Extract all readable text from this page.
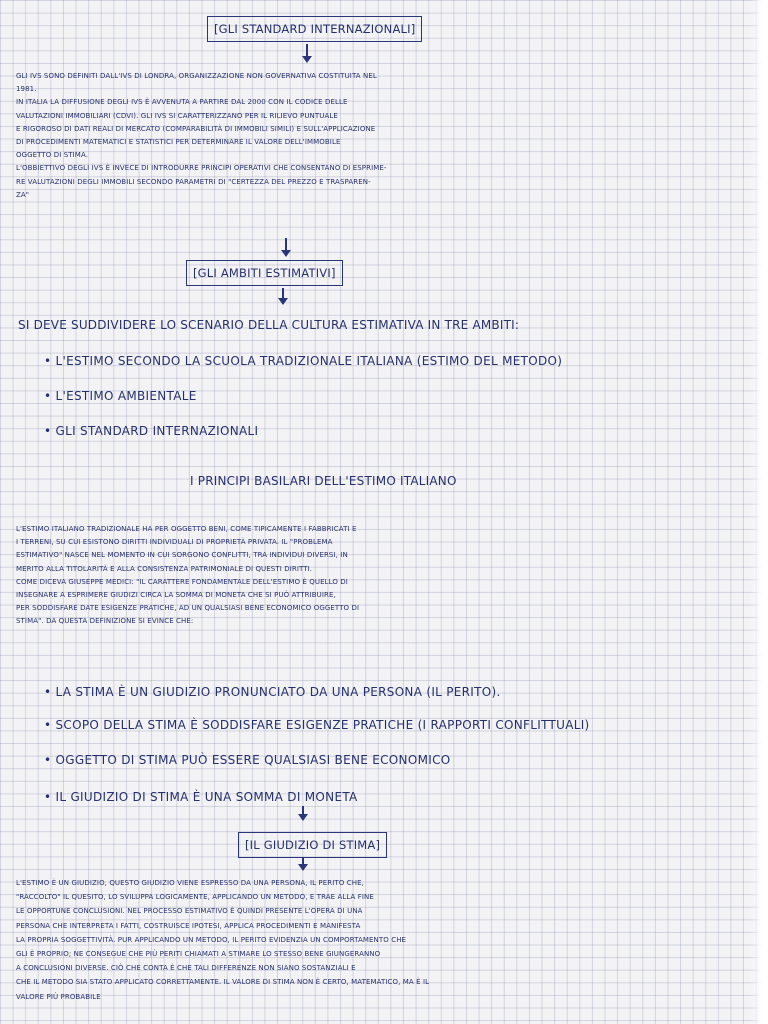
[GLI STANDARD INTERNAZIONALI]
GLI IVS SONO DEFINITI DALL'IVS DI LONDRA, ORGANIZZAZIONE NON GOVERNATIVA COSTITUITA NEL
1981.
IN ITALIA LA DIFFUSIONE DEGLI IVS È AVVENUTA A PARTIRE DAL 2000 CON IL CODICE DELLE
VALUTAZIONI IMMOBILIARI (CDVI). GLI IVS SI CARATTERIZZANO PER IL RILIEVO PUNTUALE
E RIGOROSO DI DATI REALI DI MERCATO (COMPARABILITÀ DI IMMOBILI SIMILI) E SULL'APPLICAZIONE
DI PROCEDIMENTI MATEMATICI E STATISTICI PER DETERMINARE IL VALORE DELL'IMMOBILE
OGGETTO DI STIMA.
L'OBBIETTIVO DEGLI IVS È INVECE DI INTRODURRE PRINCIPI OPERATIVI CHE CONSENTANO DI ESPRIME-
RE VALUTAZIONI DEGLI IMMOBILI SECONDO PARAMETRI DI "CERTEZZA DEL PREZZO E TRASPAREN-
ZA"
[GLI AMBITI ESTIMATIVI]
SI DEVE SUDDIVIDERE LO SCENARIO DELLA CULTURA ESTIMATIVA IN TRE AMBITI:
• L'ESTIMO SECONDO LA SCUOLA TRADIZIONALE ITALIANA (ESTIMO DEL METODO)
• L'ESTIMO AMBIENTALE
• GLI STANDARD INTERNAZIONALI
I PRINCIPI BASILARI DELL'ESTIMO ITALIANO
L'ESTIMO ITALIANO TRADIZIONALE HA PER OGGETTO BENI, COME TIPICAMENTE I FABBRICATI E
I TERRENI, SU CUI ESISTONO DIRITTI INDIVIDUALI DI PROPRIETÀ PRIVATA. IL "PROBLEMA
ESTIMATIVO" NASCE NEL MOMENTO IN CUI SORGONO CONFLITTI, TRA INDIVIDUI DIVERSI, IN
MERITO ALLA TITOLARITÀ E ALLA CONSISTENZA PATRIMONIALE DI QUESTI DIRITTI.
COME DICEVA GIUSEPPE MEDICI: "IL CARATTERE FONDAMENTALE DELL'ESTIMO È QUELLO DI
INSEGNARE A ESPRIMERE GIUDIZI CIRCA LA SOMMA DI MONETA CHE SI PUÒ ATTRIBUIRE,
PER SODDISFARE DATE ESIGENZE PRATICHE, AD UN QUALSIASI BENE ECONOMICO OGGETTO DI
STIMA". DA QUESTA DEFINIZIONE SI EVINCE CHE:
• LA STIMA È UN GIUDIZIO PRONUNCIATO DA UNA PERSONA (IL PERITO).
• SCOPO DELLA STIMA È SODDISFARE ESIGENZE PRATICHE (I RAPPORTI CONFLITTUALI)
• OGGETTO DI STIMA PUÒ ESSERE QUALSIASI BENE ECONOMICO
• IL GIUDIZIO DI STIMA È UNA SOMMA DI MONETA
[IL GIUDIZIO DI STIMA]
L'ESTIMO È UN GIUDIZIO, QUESTO GIUDIZIO VIENE ESPRESSO DA UNA PERSONA, IL PERITO CHE,
"RACCOLTO" IL QUESITO, LO SVILUPPA LOGICAMENTE, APPLICANDO UN METODO, E TRAE ALLA FINE
LE OPPORTUNE CONCLUSIONI. NEL PROCESSO ESTIMATIVO È QUINDI PRESENTE L'OPERA DI UNA
PERSONA CHE INTERPRETA I FATTI, COSTRUISCE IPOTESI, APPLICA PROCEDIMENTI E MANIFESTA
LA PROPRIA SOGGETTIVITÀ. PUR APPLICANDO UN METODO, IL PERITO EVIDENZIA UN COMPORTAMENTO CHE
GLI È PROPRIO; NE CONSEGUE CHE PIÙ PERITI CHIAMATI A STIMARE LO STESSO BENE GIUNGERANNO
A CONCLUSIONI DIVERSE. CIÒ CHE CONTA È CHE TALI DIFFERENZE NON SIANO SOSTANZIALI E
CHE IL METODO SIA STATO APPLICATO CORRETTAMENTE. IL VALORE DI STIMA NON È CERTO, MATEMATICO, MA È IL
VALORE PIÙ PROBABILE
